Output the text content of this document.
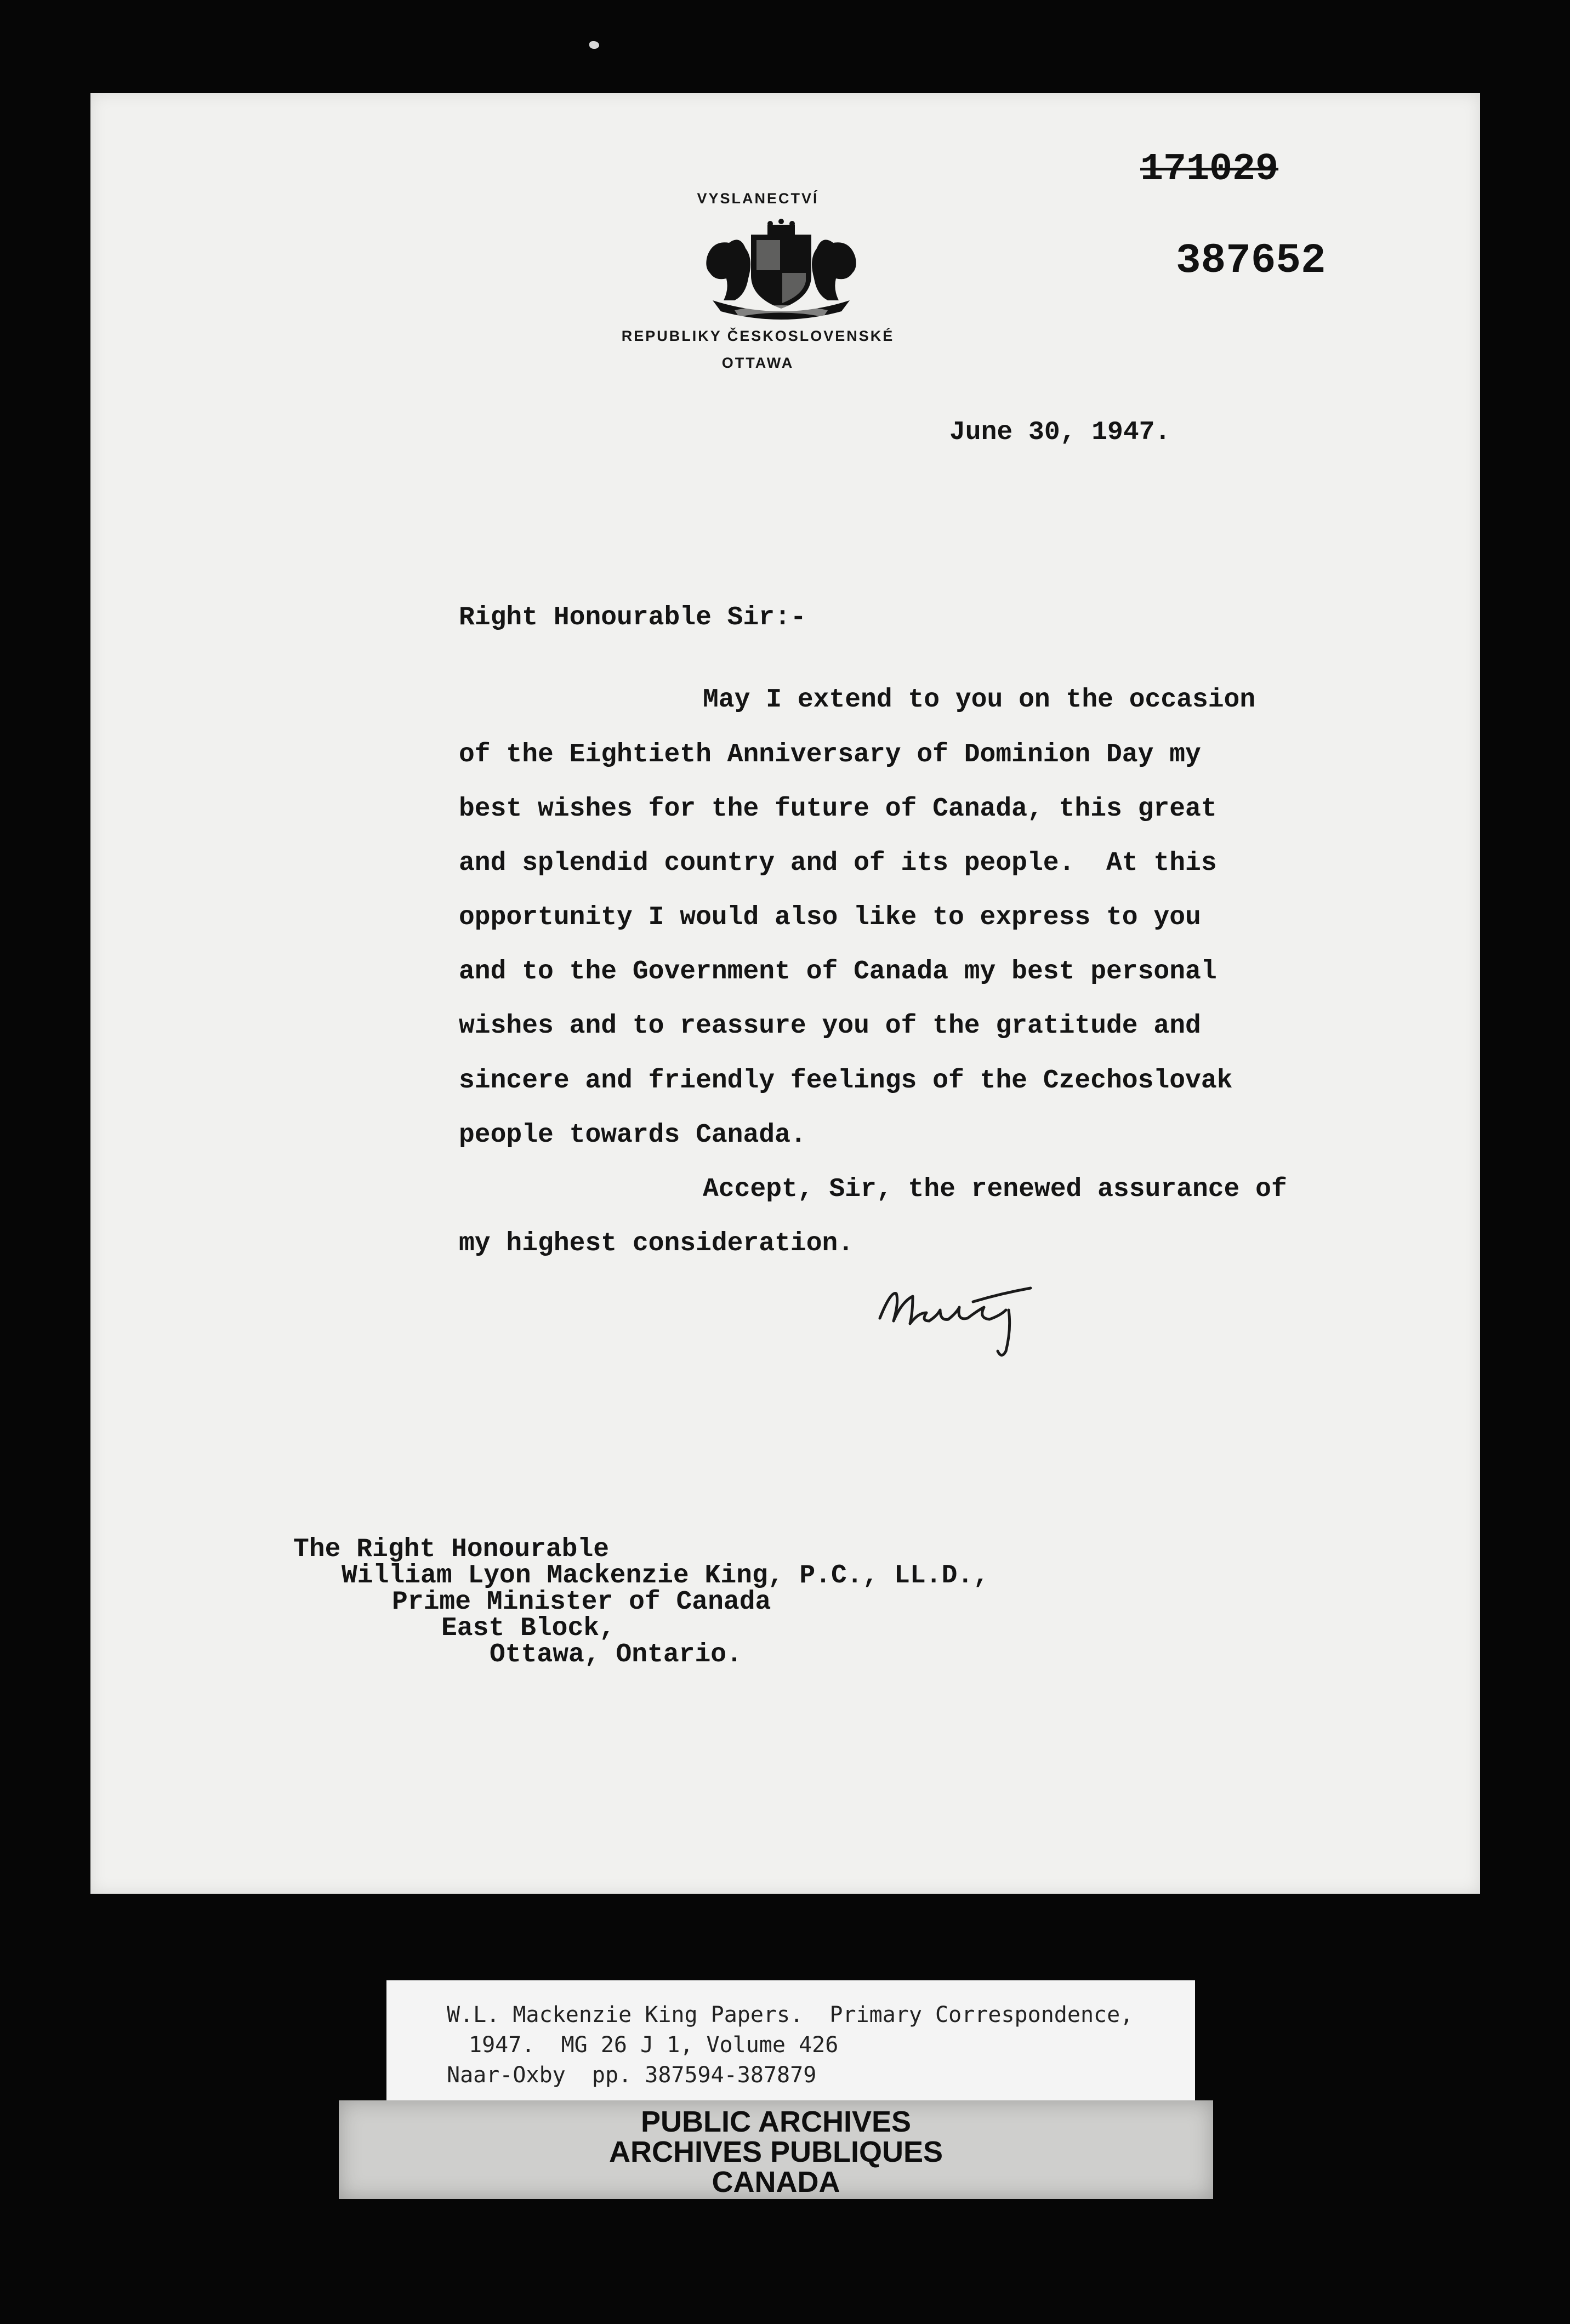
VYSLANECTVÍ
REPUBLIKY ČESKOSLOVENSKÉ
OTTAWA
171029
387652
June 30, 1947.
Right Honourable Sir:-
May I extend to you on the occasion
of the Eightieth Anniversary of Dominion Day my
best wishes for the future of Canada, this great
and splendid country and of its people.  At this
opportunity I would also like to express to you
and to the Government of Canada my best personal
wishes and to reassure you of the gratitude and
sincere and friendly feelings of the Czechoslovak
people towards Canada.
Accept, Sir, the renewed assurance of
my highest consideration.
The Right Honourable
William Lyon Mackenzie King, P.C., LL.D.,
Prime Minister of Canada
East Block,
Ottawa, Ontario.
W.L. Mackenzie King Papers.  Primary Correspondence,
1947.  MG 26 J 1, Volume 426
Naar-Oxby  pp. 387594-387879
PUBLIC ARCHIVES
ARCHIVES PUBLIQUES
CANADA
